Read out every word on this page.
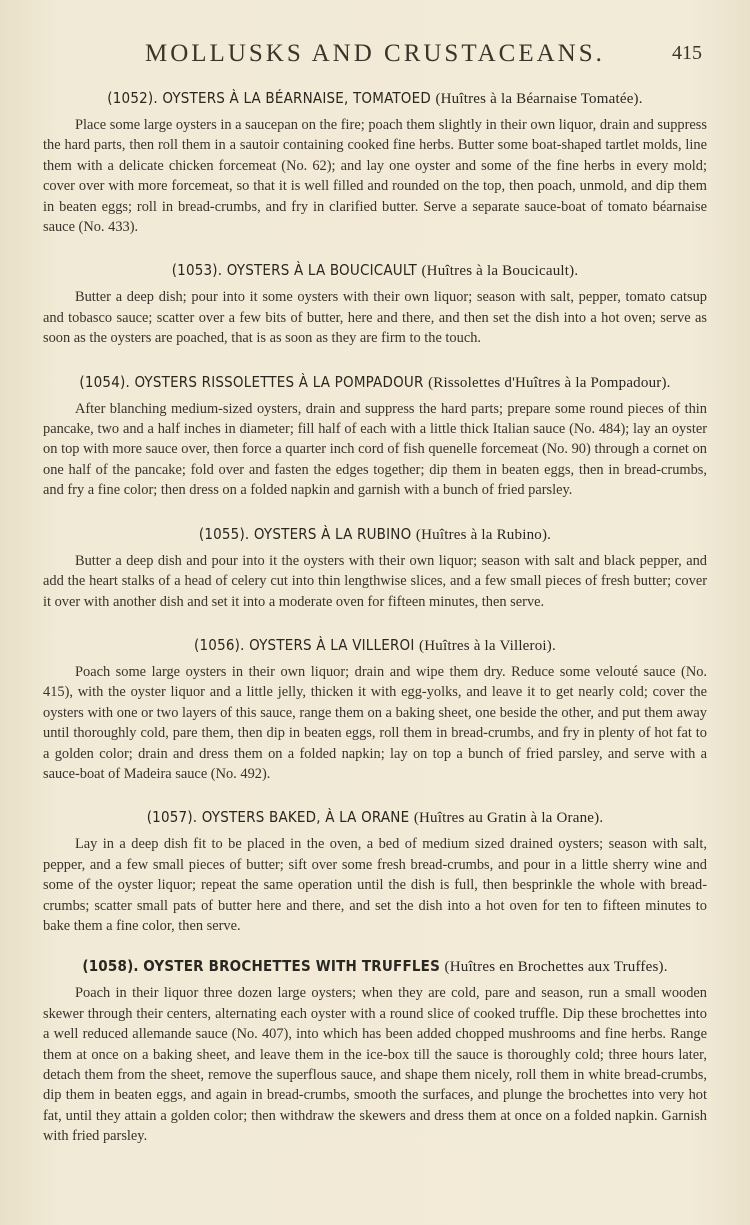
MOLLUSKS AND CRUSTACEANS.	415
(1052). OYSTERS À LA BÉARNAISE, TOMATOED (Huîtres à la Béarnaise Tomatée).

Place some large oysters in a saucepan on the fire; poach them slightly in their own liquor, drain and suppress the hard parts, then roll them in a sautoir containing cooked fine herbs. Butter some boat-shaped tartlet molds, line them with a delicate chicken forcemeat (No. 62); and lay one oyster and some of the fine herbs in every mold; cover over with more forcemeat, so that it is well filled and rounded on the top, then poach, unmold, and dip them in beaten eggs; roll in bread-crumbs, and fry in clarified butter. Serve a separate sauce-boat of tomato béarnaise sauce (No. 433).

(1053). OYSTERS À LA BOUCICAULT (Huîtres à la Boucicault).

Butter a deep dish; pour into it some oysters with their own liquor; season with salt, pepper, tomato catsup and tobasco sauce; scatter over a few bits of butter, here and there, and then set the dish into a hot oven; serve as soon as the oysters are poached, that is as soon as they are firm to the touch.

(1054). OYSTERS RISSOLETTES À LA POMPADOUR (Rissolettes d'Huîtres à la Pompadour).

After blanching medium-sized oysters, drain and suppress the hard parts; prepare some round pieces of thin pancake, two and a half inches in diameter; fill half of each with a little thick Italian sauce (No. 484); lay an oyster on top with more sauce over, then force a quarter inch cord of fish quenelle forcemeat (No. 90) through a cornet on one half of the pancake; fold over and fasten the edges together; dip them in beaten eggs, then in bread-crumbs, and fry a fine color; then dress on a folded napkin and garnish with a bunch of fried parsley.

(1055). OYSTERS À LA RUBINO (Huîtres à la Rubino).

Butter a deep dish and pour into it the oysters with their own liquor; season with salt and black pepper, and add the heart stalks of a head of celery cut into thin lengthwise slices, and a few small pieces of fresh butter; cover it over with another dish and set it into a moderate oven for fifteen minutes, then serve.

(1056). OYSTERS À LA VILLEROI (Huîtres à la Villeroi).

Poach some large oysters in their own liquor; drain and wipe them dry. Reduce some velouté sauce (No. 415), with the oyster liquor and a little jelly, thicken it with egg-yolks, and leave it to get nearly cold; cover the oysters with one or two layers of this sauce, range them on a baking sheet, one beside the other, and put them away until thoroughly cold, pare them, then dip in beaten eggs, roll them in bread-crumbs, and fry in plenty of hot fat to a golden color; drain and dress them on a folded napkin; lay on top a bunch of fried parsley, and serve with a sauce-boat of Madeira sauce (No. 492).

(1057). OYSTERS BAKED, À LA ORANE (Huîtres au Gratin à la Orane).

Lay in a deep dish fit to be placed in the oven, a bed of medium sized drained oysters; season with salt, pepper, and a few small pieces of butter; sift over some fresh bread-crumbs, and pour in a little sherry wine and some of the oyster liquor; repeat the same operation until the dish is full, then besprinkle the whole with bread-crumbs; scatter small pats of butter here and there, and set the dish into a hot oven for ten to fifteen minutes to bake them a fine color, then serve.

(1058). OYSTER BROCHETTES WITH TRUFFLES (Huîtres en Brochettes aux Truffes).

Poach in their liquor three dozen large oysters; when they are cold, pare and season, run a small wooden skewer through their centers, alternating each oyster with a round slice of cooked truffle. Dip these brochettes into a well reduced allemande sauce (No. 407), into which has been added chopped mushrooms and fine herbs. Range them at once on a baking sheet, and leave them in the ice-box till the sauce is thoroughly cold; three hours later, detach them from the sheet, remove the superflous sauce, and shape them nicely, roll them in white bread-crumbs, dip them in beaten eggs, and again in bread-crumbs, smooth the surfaces, and plunge the brochettes into very hot fat, until they attain a golden color; then withdraw the skewers and dress them at once on a folded napkin. Garnish with fried parsley.
